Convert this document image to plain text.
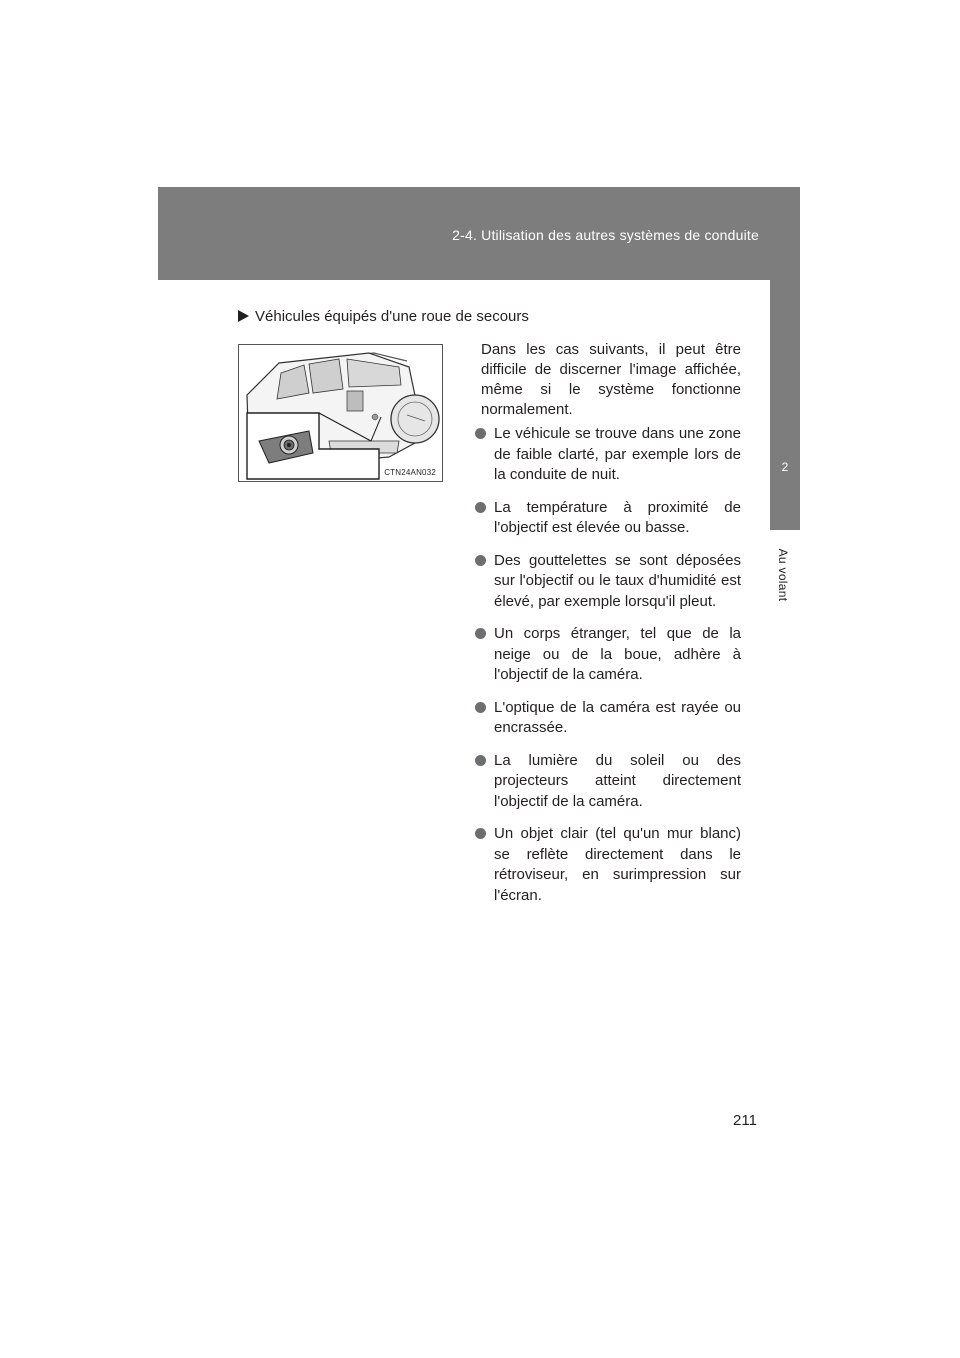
2-4. Utilisation des autres systèmes de conduite
2
Au volant
Véhicules équipés d'une roue de secours
CTN24AN032

Dans les cas suivants, il peut être difficile de discerner l'image affichée, même si le système fonctionne normalement.

Le véhicule se trouve dans une zone de faible clarté, par exemple lors de la conduite de nuit.
La température à proximité de l'objectif est élevée ou basse.
Des gouttelettes se sont déposées sur l'objectif ou le taux d'humidité est élevé, par exemple lorsqu'il pleut.
Un corps étranger, tel que de la neige ou de la boue, adhère à l'objectif de la caméra.
L'optique de la caméra est rayée ou encrassée.
La lumière du soleil ou des projecteurs atteint directement l'objectif de la caméra.
Un objet clair (tel qu'un mur blanc) se reflète directement dans le rétroviseur, en surimpression sur l'écran.
211
